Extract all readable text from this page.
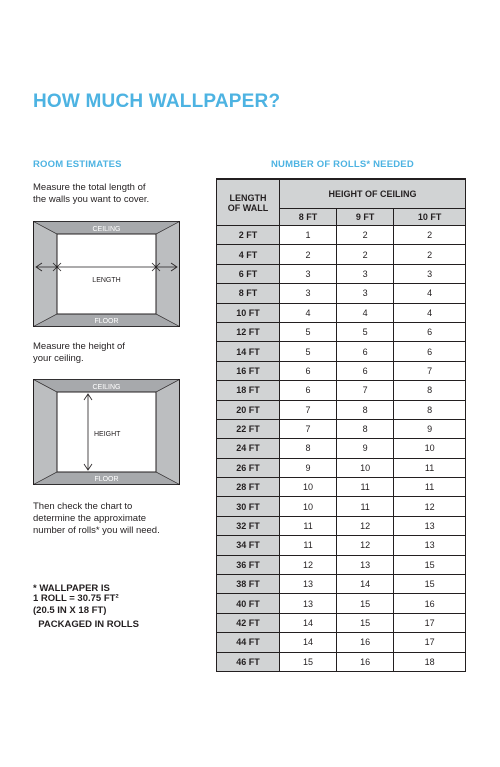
HOW MUCH WALLPAPER?
ROOM ESTIMATES
Measure the total length of
the walls you want to cover.
CEILING
LENGTH
FLOOR
Measure the height of
your ceiling.
CEILING
HEIGHT
FLOOR
Then check the chart to
determine the approximate
number of rolls* you will need.

* WALLPAPER IS

PACKAGED IN ROLLS

1 ROLL = 30.75 FT²
(20.5 IN X 18 FT)
NUMBER OF ROLLS* NEEDED
LENGTH
OF WALL	HEIGHT OF CEILING		
	8 FT	9 FT	10 FT
2 FT	1	2	2
4 FT	2	2	2
6 FT	3	3	3
8 FT	3	3	4
10 FT	4	4	4
12 FT	5	5	6
14 FT	5	6	6
16 FT	6	6	7
18 FT	6	7	8
20 FT	7	8	8
22 FT	7	8	9
24 FT	8	9	10
26 FT	9	10	11
28 FT	10	11	11
30 FT	10	11	12
32 FT	11	12	13
34 FT	11	12	13
36 FT	12	13	15
38 FT	13	14	15
40 FT	13	15	16
42 FT	14	15	17
44 FT	14	16	17
46 FT	15	16	18
